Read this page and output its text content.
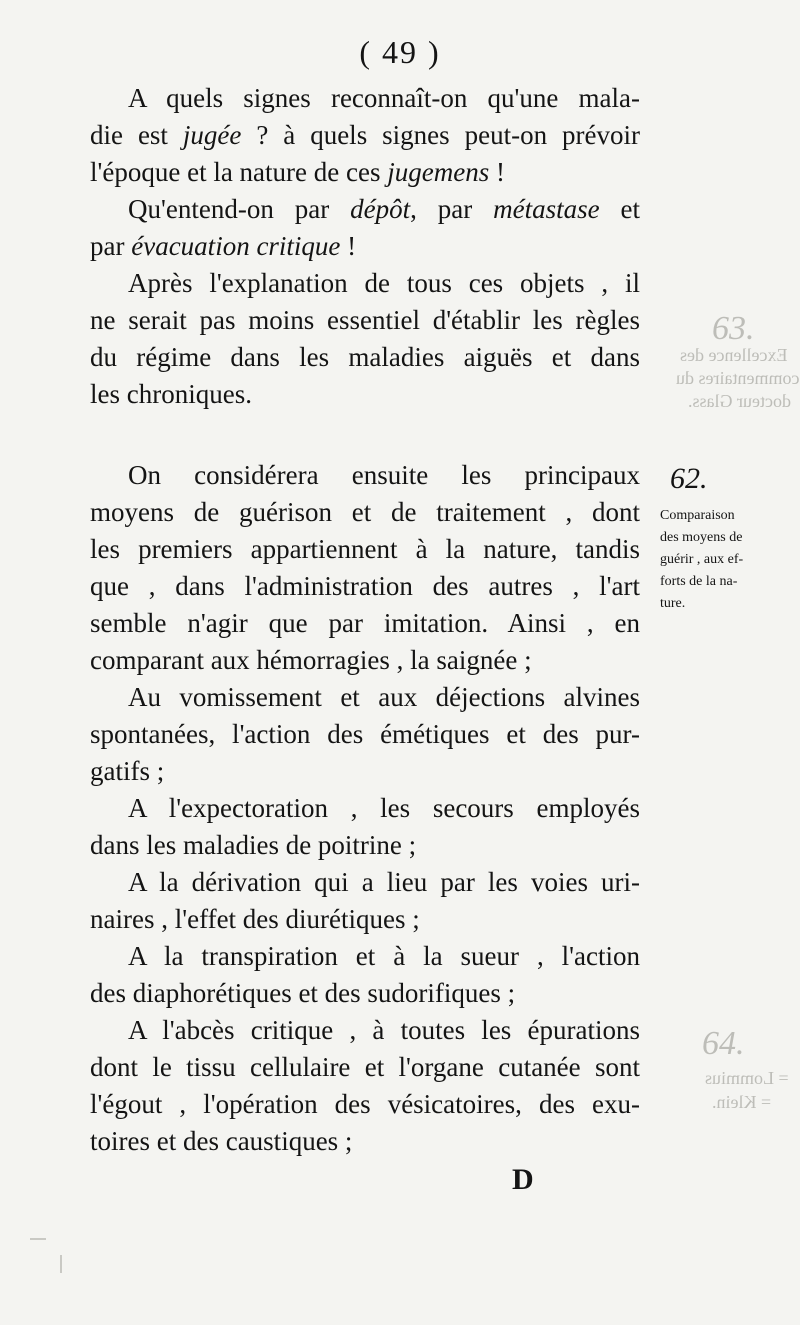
63.
Excellence des
commentaires du
docteur Glass.
64.
= Lommius
= Klein.
( 49 )
A quels signes reconnaît-on qu'une mala-
die est jugée ? à quels signes peut-on prévoir
l'époque et la nature de ces jugemens !
Qu'entend-on par dépôt, par métastase et
par évacuation critique !
Après l'explanation de tous ces objets , il
ne serait pas moins essentiel d'établir les règles
du régime dans les maladies aiguës et dans
les chroniques.
On considérera ensuite les principaux
moyens de guérison et de traitement , dont
les premiers appartiennent à la nature, tandis
que , dans l'administration des autres , l'art
semble n'agir que par imitation. Ainsi , en
comparant aux hémorragies , la saignée ;
Au vomissement et aux déjections alvines
spontanées, l'action des émétiques et des pur-
gatifs ;
A l'expectoration , les secours employés
dans les maladies de poitrine ;
A la dérivation qui a lieu par les voies uri-
naires , l'effet des diurétiques ;
A la transpiration et à la sueur , l'action
des diaphorétiques et des sudorifiques ;
A l'abcès critique , à toutes les épurations
dont le tissu cellulaire et l'organe cutanée sont
l'égout , l'opération des vésicatoires, des exu-
toires et des caustiques ;
62.
Comparaison
des moyens de
guérir , aux ef-
forts de la na-
ture.
D
